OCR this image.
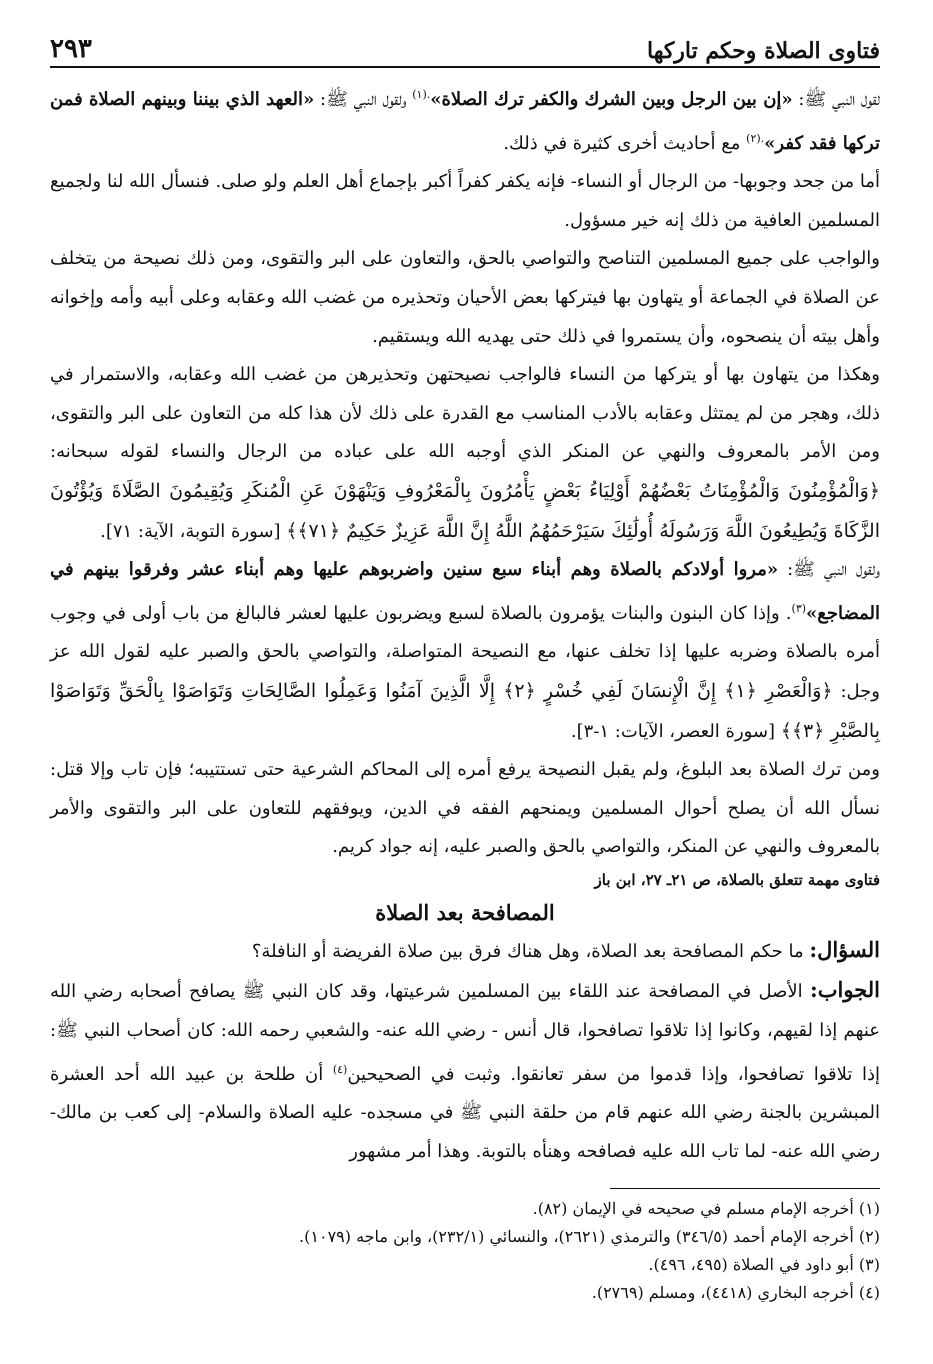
فتاوى الصلاة وحكم تاركها
٢٩٣

لقول النبي ﷺ: «إن بين الرجل وبين الشرك والكفر ترك الصلاة»$^{.(١)}$ ولقول النبي ﷺ: «العهد الذي بيننا وبينهم الصلاة فمن تركها فقد كفر»$^{.(٢)}$ مع أحاديث أخرى كثيرة في ذلك.

أما من جحد وجوبها- من الرجال أو النساء- فإنه يكفر كفراً أكبر بإجماع أهل العلم ولو صلى. فنسأل الله لنا ولجميع المسلمين العافية من ذلك إنه خير مسؤول.

والواجب على جميع المسلمين التناصح والتواصي بالحق، والتعاون على البر والتقوى، ومن ذلك نصيحة من يتخلف عن الصلاة في الجماعة أو يتهاون بها فيتركها بعض الأحيان وتحذيره من غضب الله وعقابه وعلى أبيه وأمه وإخوانه وأهل بيته أن ينصحوه، وأن يستمروا في ذلك حتى يهديه الله ويستقيم.

وهكذا من يتهاون بها أو يتركها من النساء فالواجب نصيحتهن وتحذيرهن من غضب الله وعقابه، والاستمرار في ذلك، وهجر من لم يمتثل وعقابه بالأدب المناسب مع القدرة على ذلك لأن هذا كله من التعاون على البر والتقوى، ومن الأمر بالمعروف والنهي عن المنكر الذي أوجبه الله على عباده من الرجال والنساء لقوله سبحانه: ﴿وَالْمُؤْمِنُونَ وَالْمُؤْمِنَاتُ بَعْضُهُمْ أَوْلِيَاءُ بَعْضٍ يَأْمُرُونَ بِالْمَعْرُوفِ وَيَنْهَوْنَ عَنِ الْمُنكَرِ وَيُقِيمُونَ الصَّلَاةَ وَيُؤْتُونَ الزَّكَاةَ وَيُطِيعُونَ اللَّهَ وَرَسُولَهُ أُولَٰئِكَ سَيَرْحَمُهُمُ اللَّهُ إِنَّ اللَّهَ عَزِيزٌ حَكِيمٌ ﴿٧١﴾﴾ [سورة التوبة، الآية: ٧١].

ولقول النبي ﷺ: «مروا أولادكم بالصلاة وهم أبناء سبع سنين واضربوهم عليها وهم أبناء عشر وفرقوا بينهم في المضاجع»$^{(٣)}$. وإذا كان البنون والبنات يؤمرون بالصلاة لسبع ويضربون عليها لعشر فالبالغ من باب أولى في وجوب أمره بالصلاة وضربه عليها إذا تخلف عنها، مع النصيحة المتواصلة، والتواصي بالحق والصبر عليه لقول الله عز وجل: ﴿وَالْعَصْرِ ﴿١﴾ إِنَّ الْإِنسَانَ لَفِي خُسْرٍ ﴿٢﴾ إِلَّا الَّذِينَ آمَنُوا وَعَمِلُوا الصَّالِحَاتِ وَتَوَاصَوْا بِالْحَقِّ وَتَوَاصَوْا بِالصَّبْرِ ﴿٣﴾﴾ [سورة العصر، الآيات: ١-٣].

ومن ترك الصلاة بعد البلوغ، ولم يقبل النصيحة يرفع أمره إلى المحاكم الشرعية حتى تستتيبه؛ فإن تاب وإلا قتل: نسأل الله أن يصلح أحوال المسلمين ويمنحهم الفقه في الدين، ويوفقهم للتعاون على البر والتقوى والأمر بالمعروف والنهي عن المنكر، والتواصي بالحق والصبر عليه، إنه جواد كريم.

فتاوى مهمة تتعلق بالصلاة، ص ٢١ـ ٢٧، ابن باز
المصافحة بعد الصلاة

السؤال: ما حكم المصافحة بعد الصلاة، وهل هناك فرق بين صلاة الفريضة أو النافلة؟

الجواب: الأصل في المصافحة عند اللقاء بين المسلمين شرعيتها، وقد كان النبي ﷺ يصافح أصحابه رضي الله عنهم إذا لقيهم، وكانوا إذا تلاقوا تصافحوا، قال أنس - رضي الله عنه- والشعبي رحمه الله: كان أصحاب النبي ﷺ: إذا تلاقوا تصافحوا، وإذا قدموا من سفر تعانقوا. وثبت في الصحيحين$^{(٤)}$ أن طلحة بن عبيد الله أحد العشرة المبشرين بالجنة رضي الله عنهم قام من حلقة النبي ﷺ في مسجده- عليه الصلاة والسلام- إلى كعب بن مالك- رضي الله عنه- لما تاب الله عليه فصافحه وهنأه بالتوبة. وهذا أمر مشهور

(١) أخرجه الإمام مسلم في صحيحه في الإيمان (٨٢).

(٢) أخرجه الإمام أحمد (٣٤٦/٥) والترمذي (٢٦٢١)، والنسائي (٢٣٢/١)، وابن ماجه (١٠٧٩).

(٣) أبو داود في الصلاة (٤٩٥، ٤٩٦).

(٤) أخرجه البخاري (٤٤١٨)، ومسلم (٢٧٦٩).
